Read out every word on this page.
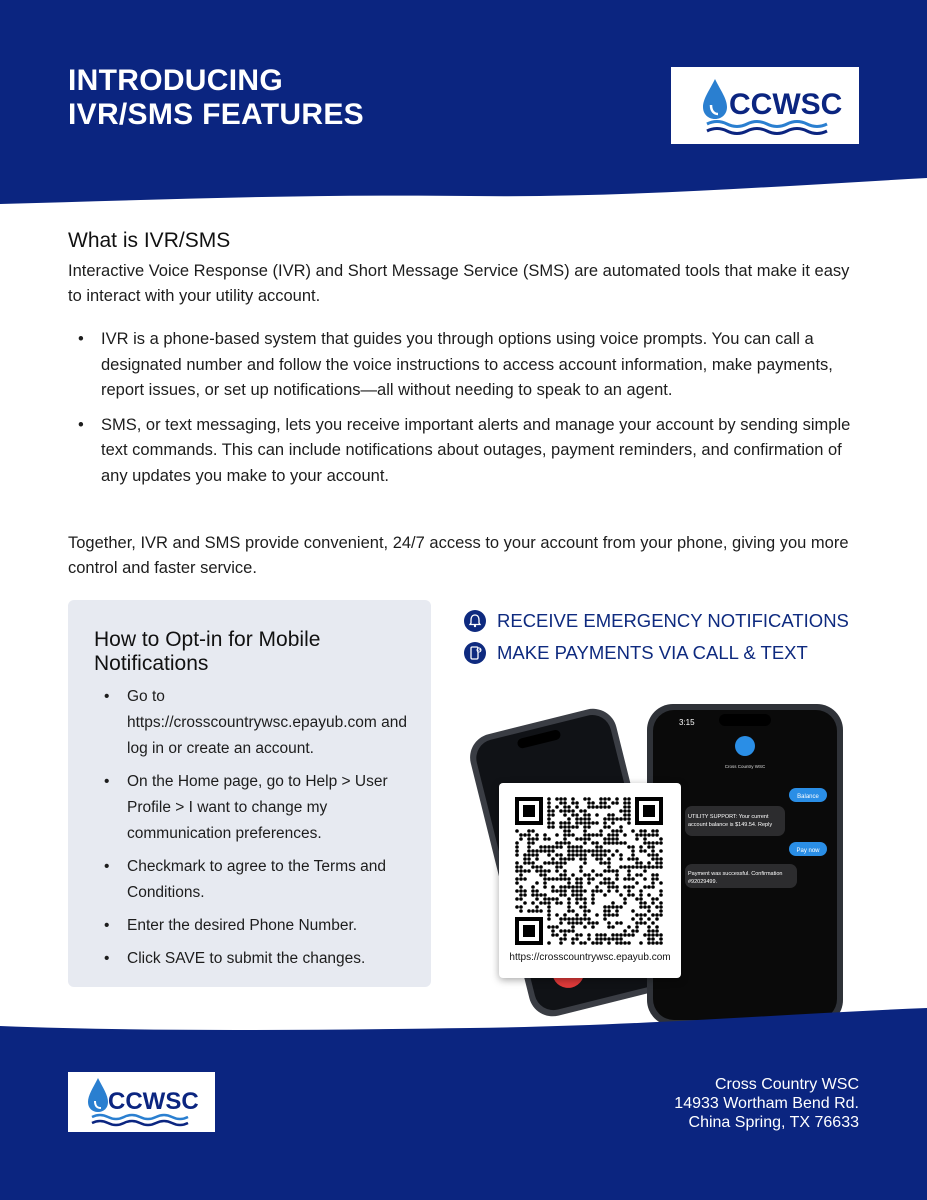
INTRODUCING
IVR/SMS FEATURES	CCWSC
What is IVR/SMS
Interactive Voice Response (IVR) and Short Message Service (SMS) are automated tools that make it easy to interact with your utility account.
• IVR is a phone-based system that guides you through options using voice prompts. You can call a designated number and follow the voice instructions to access account information, make payments, report issues, or set up notifications—all without needing to speak to an agent.
• SMS, or text messaging, lets you receive important alerts and manage your account by sending simple text commands. This can include notifications about outages, payment reminders, and confirmation of any updates you make to your account.
Together, IVR and SMS provide convenient, 24/7 access to your account from your phone, giving you more control and faster service.
How to Opt-in for Mobile Notifications
• Go to https://crosscountrywsc.epayub.com and log in or create an account.
• On the Home page, go to Help > User Profile > I want to change my communication preferences.
• Checkmark to agree to the Terms and Conditions.
• Enter the desired Phone Number.
• Click SAVE to submit the changes.
RECEIVE EMERGENCY NOTIFICATIONS
$ MAKE PAYMENTS VIA CALL & TEXT
3:15
Cross Country WSC
Balance
UTILITY SUPPORT: Your current
account balance is $149.54. Reply
Pay now
Payment was successful. Confirmation
#92029499.
https://crosscountrywsc.epayub.com
CCWSC
Cross Country WSC
14933 Wortham Bend Rd.
China Spring, TX 76633
